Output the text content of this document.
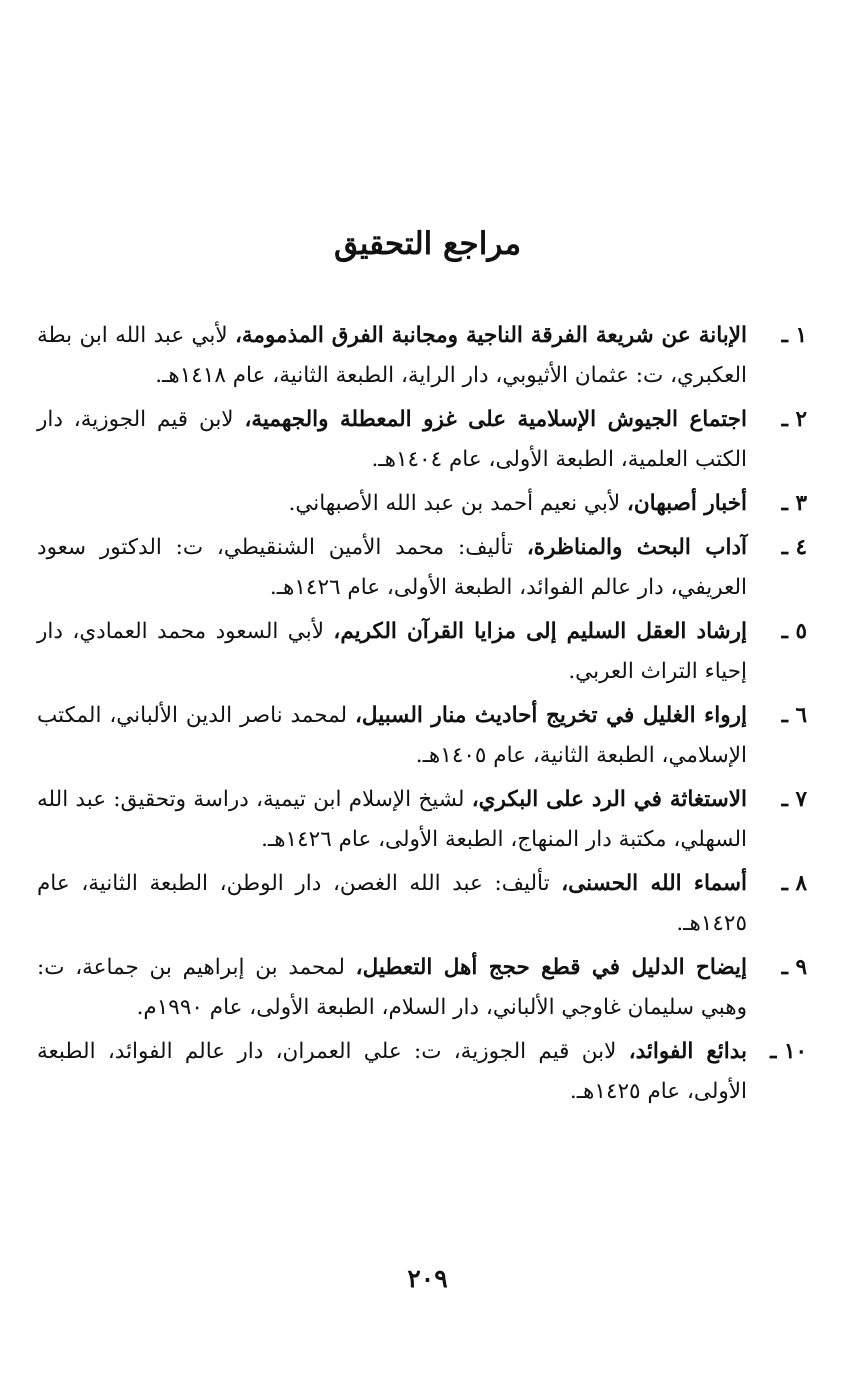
مراجع التحقيق
١ ـ
الإبانة عن شريعة الفرقة الناجية ومجانبة الفرق المذمومة، لأبي عبد الله ابن بطة العكبري، ت: عثمان الأثيوبي، دار الراية، الطبعة الثانية، عام ١٤١٨هـ.
٢ ـ
اجتماع الجيوش الإسلامية على غزو المعطلة والجهمية، لابن قيم الجوزية، دار الكتب العلمية، الطبعة الأولى، عام ١٤٠٤هـ.
٣ ـ
أخبار أصبهان، لأبي نعيم أحمد بن عبد الله الأصبهاني.
٤ ـ
آداب البحث والمناظرة، تأليف: محمد الأمين الشنقيطي، ت: الدكتور سعود العريفي، دار عالم الفوائد، الطبعة الأولى، عام ١٤٢٦هـ.
٥ ـ
إرشاد العقل السليم إلى مزايا القرآن الكريم، لأبي السعود محمد العمادي، دار إحياء التراث العربي.
٦ ـ
إرواء الغليل في تخريج أحاديث منار السبيل، لمحمد ناصر الدين الألباني، المكتب الإسلامي، الطبعة الثانية، عام ١٤٠٥هـ.
٧ ـ
الاستغاثة في الرد على البكري، لشيخ الإسلام ابن تيمية، دراسة وتحقيق: عبد الله السهلي، مكتبة دار المنهاج، الطبعة الأولى، عام ١٤٢٦هـ.
٨ ـ
أسماء الله الحسنى، تأليف: عبد الله الغصن، دار الوطن، الطبعة الثانية، عام ١٤٢٥هـ.
٩ ـ
إيضاح الدليل في قطع حجج أهل التعطيل، لمحمد بن إبراهيم بن جماعة، ت: وهبي سليمان غاوجي الألباني، دار السلام، الطبعة الأولى، عام ١٩٩٠م.
١٠ ـ
بدائع الفوائد، لابن قيم الجوزية، ت: علي العمران، دار عالم الفوائد، الطبعة الأولى، عام ١٤٢٥هـ.
٢٠٩
